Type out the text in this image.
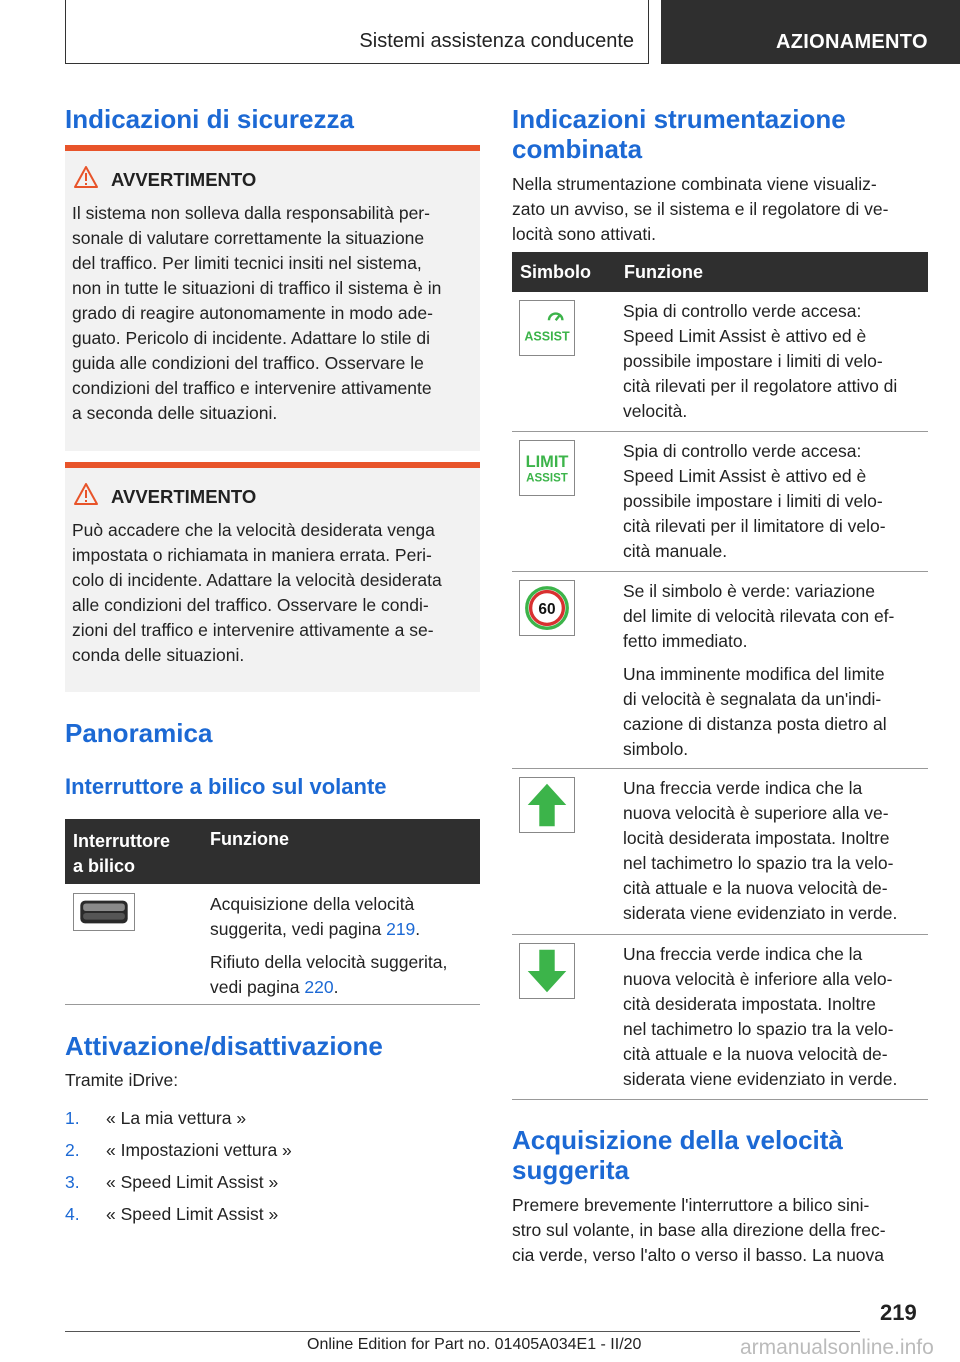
Sistemi assistenza conducente	AZIONAMENTO
Indicazioni di sicurezza
AVVERTIMENTO
Il sistema non solleva dalla responsabilità per-
sonale di valutare correttamente la situazione
del traffico. Per limiti tecnici insiti nel sistema,
non in tutte le situazioni di traffico il sistema è in
grado di reagire autonomamente in modo ade-
guato. Pericolo di incidente. Adattare lo stile di
guida alle condizioni del traffico. Osservare le
condizioni del traffico e intervenire attivamente
a seconda delle situazioni.
AVVERTIMENTO
Può accadere che la velocità desiderata venga
impostata o richiamata in maniera errata. Peri-
colo di incidente. Adattare la velocità desiderata
alle condizioni del traffico. Osservare le condi-
zioni del traffico e intervenire attivamente a se-
conda delle situazioni.
Panoramica
Interruttore a bilico sul volante
Interruttore
a bilico
Funzione
Acquisizione della velocità
suggerita, vedi pagina 219.
Rifiuto della velocità suggerita,
vedi pagina 220.
Attivazione/disattivazione
Tramite iDrive:
1. « La mia vettura »
2. « Impostazioni vettura »
3. « Speed Limit Assist »
4. « Speed Limit Assist »
Indicazioni strumentazione
combinata
Nella strumentazione combinata viene visualiz-
zato un avviso, se il sistema e il regolatore di ve-
locità sono attivati.
Simbolo Funzione
ASSIST
Spia di controllo verde accesa:
Speed Limit Assist è attivo ed è
possibile impostare i limiti di velo-
cità rilevati per il regolatore attivo di
velocità.
LIMIT
ASSIST
Spia di controllo verde accesa:
Speed Limit Assist è attivo ed è
possibile impostare i limiti di velo-
cità rilevati per il limitatore di velo-
cità manuale.
60
Se il simbolo è verde: variazione
del limite di velocità rilevata con ef-
fetto immediato.
Una imminente modifica del limite
di velocità è segnalata da un'indi-
cazione di distanza posta dietro al
simbolo.
Una freccia verde indica che la
nuova velocità è superiore alla ve-
locità desiderata impostata. Inoltre
nel tachimetro lo spazio tra la velo-
cità attuale e la nuova velocità de-
siderata viene evidenziato in verde.
Una freccia verde indica che la
nuova velocità è inferiore alla velo-
cità desiderata impostata. Inoltre
nel tachimetro lo spazio tra la velo-
cità attuale e la nuova velocità de-
siderata viene evidenziato in verde.
Acquisizione della velocità
suggerita
Premere brevemente l'interruttore a bilico sini-
stro sul volante, in base alla direzione della frec-
cia verde, verso l'alto o verso il basso. La nuova
219
Online Edition for Part no. 01405A034E1 - II/20	armanualsonline.info
